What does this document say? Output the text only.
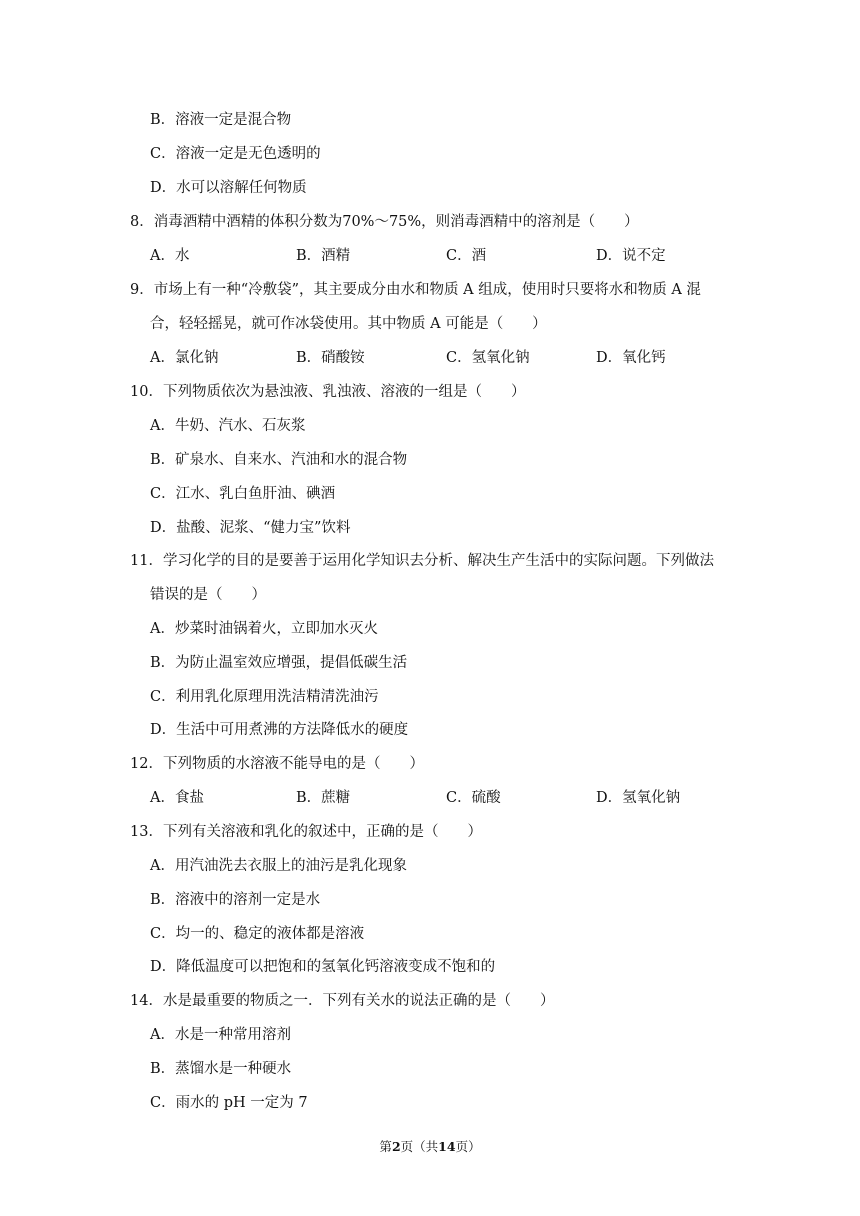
B．溶液一定是混合物
C．溶液一定是无色透明的
D．水可以溶解任何物质
8．消毒酒精中酒精的体积分数为70%～75%，则消毒酒精中的溶剂是（　　）
A．水	B．酒精	C．酒	D．说不定
9．市场上有一种“冷敷袋”，其主要成分由水和物质 A 组成，使用时只要将水和物质 A 混
合，轻轻摇晃，就可作冰袋使用。其中物质 A 可能是（　　）
A．氯化钠	B．硝酸铵	C．氢氧化钠	D．氧化钙
10．下列物质依次为悬浊液、乳浊液、溶液的一组是（　　）
A．牛奶、汽水、石灰浆
B．矿泉水、自来水、汽油和水的混合物
C．江水、乳白鱼肝油、碘酒
D．盐酸、泥浆、“健力宝”饮料
11．学习化学的目的是要善于运用化学知识去分析、解决生产生活中的实际问题。下列做法
错误的是（　　）
A．炒菜时油锅着火，立即加水灭火
B．为防止温室效应增强，提倡低碳生活
C．利用乳化原理用洗洁精清洗油污
D．生活中可用煮沸的方法降低水的硬度
12．下列物质的水溶液不能导电的是（　　）
A．食盐	B．蔗糖	C．硫酸	D．氢氧化钠
13．下列有关溶液和乳化的叙述中，正确的是（　　）
A．用汽油洗去衣服上的油污是乳化现象
B．溶液中的溶剂一定是水
C．均一的、稳定的液体都是溶液
D．降低温度可以把饱和的氢氧化钙溶液变成不饱和的
14．水是最重要的物质之一．下列有关水的说法正确的是（　　）
A．水是一种常用溶剂
B．蒸馏水是一种硬水
C．雨水的 pH 一定为 7
第2页（共14页）
